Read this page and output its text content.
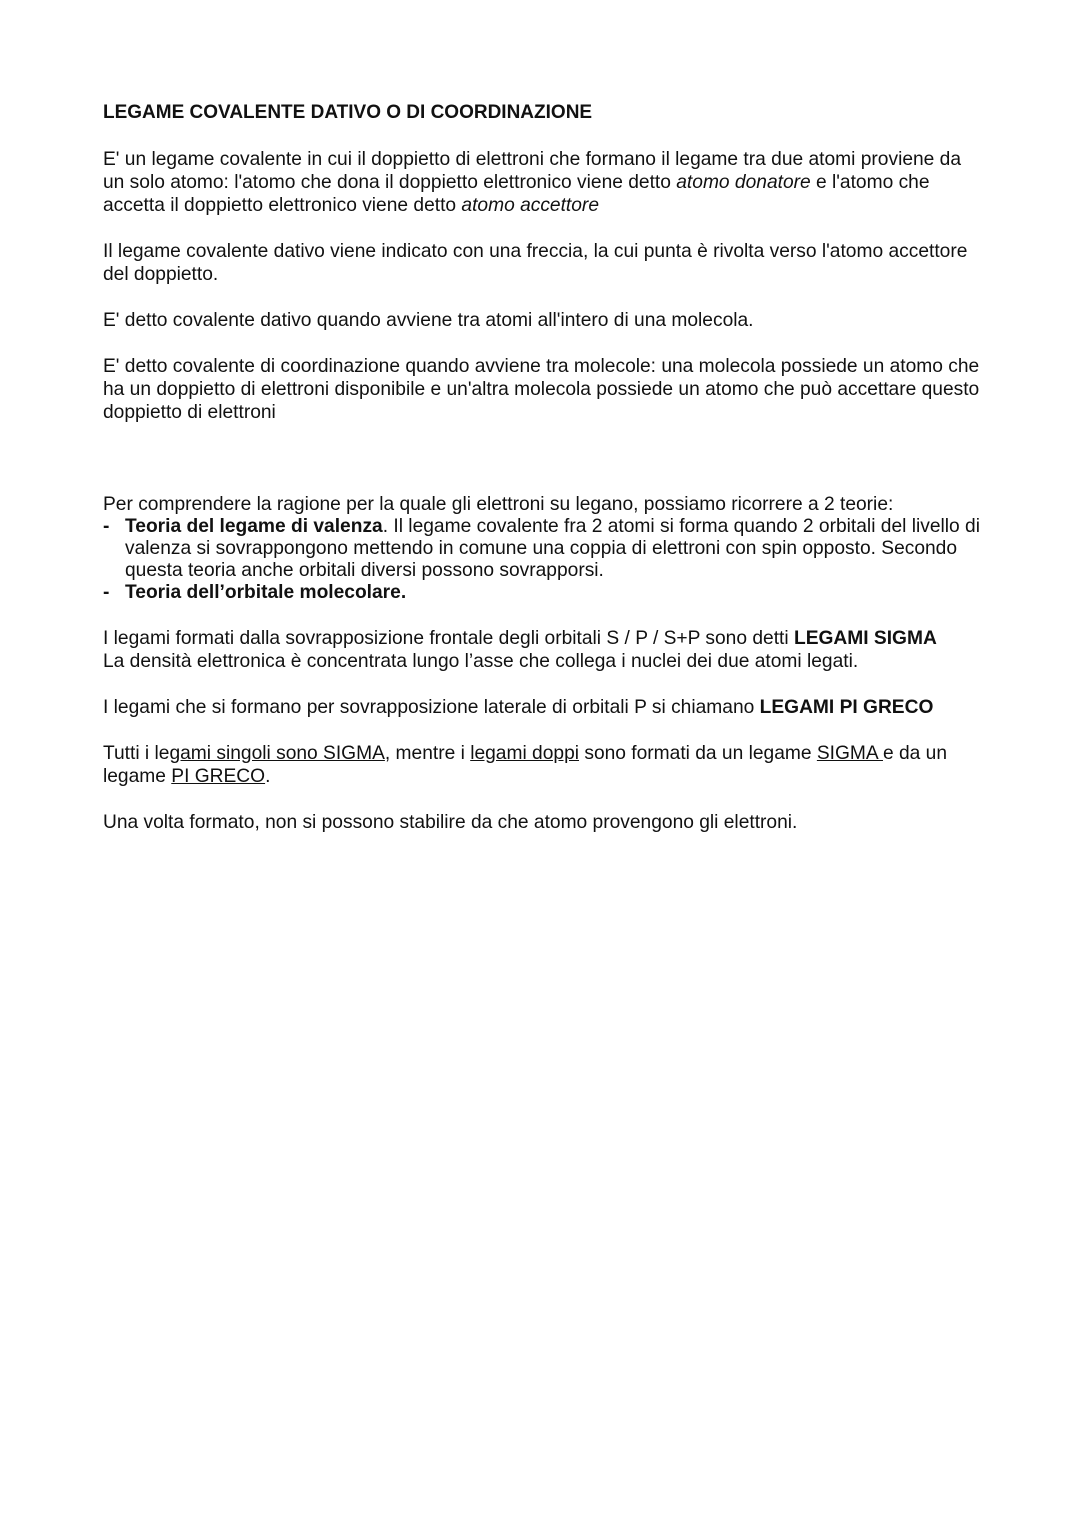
LEGAME COVALENTE DATIVO O DI COORDINAZIONE

E' un legame covalente in cui il doppietto di elettroni che formano il legame tra due atomi proviene da un solo atomo: l'atomo che dona il doppietto elettronico viene detto atomo donatore e l'atomo che accetta il doppietto elettronico viene detto atomo accettore

Il legame covalente dativo viene indicato con una freccia, la cui punta è rivolta verso l'atomo accettore del doppietto.

E' detto covalente dativo quando avviene tra atomi all'intero di una molecola.

E' detto covalente di coordinazione quando avviene tra molecole: una molecola possiede un atomo che ha un doppietto di elettroni disponibile e un'altra molecola possiede un atomo che può accettare questo doppietto di elettroni

Per comprendere la ragione per la quale gli elettroni su legano, possiamo ricorrere a 2 teorie:

- Teoria del legame di valenza. Il legame covalente fra 2 atomi si forma quando 2 orbitali del livello di valenza si sovrappongono mettendo in comune una coppia di elettroni con spin opposto. Secondo questa teoria anche orbitali diversi possono sovrapporsi.
- Teoria dell’orbitale molecolare.

I legami formati dalla sovrapposizione frontale degli orbitali S / P / S+P sono detti LEGAMI SIGMA

La densità elettronica è concentrata lungo l’asse che collega i nuclei dei due atomi legati.

I legami che si formano per sovrapposizione laterale di orbitali P si chiamano LEGAMI PI GRECO

Tutti i legami singoli sono SIGMA, mentre i legami doppi sono formati da un legame SIGMA e da un legame PI GRECO.

Una volta formato, non si possono stabilire da che atomo provengono gli elettroni.
